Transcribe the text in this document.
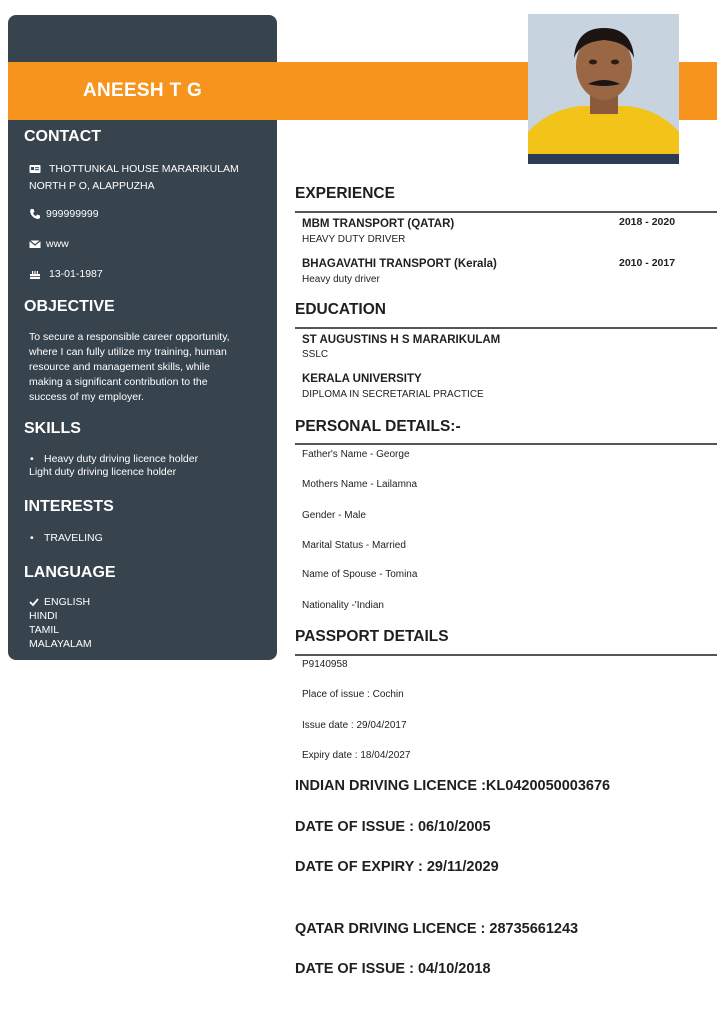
ANEESH T G
CONTACT
THOTTUNKAL HOUSE MARARIKULAM
NORTH P O, ALAPPUZHA
999999999
www
13-01-1987
OBJECTIVE
To secure a responsible career opportunity,
where I can fully utilize my training, human
resource and management skills, while
making a significant contribution to the
success of my employer.
SKILLS
• Heavy duty driving licence holder
Light duty driving licence holder
INTERESTS
• TRAVELING
LANGUAGE
ENGLISH
HINDI
TAMIL
MALAYALAM
EXPERIENCE
MBM TRANSPORT (QATAR)
HEAVY DUTY DRIVER
2018 - 2020
BHAGAVATHI TRANSPORT (Kerala)
Heavy duty driver
2010 - 2017
EDUCATION
ST AUGUSTINS H S MARARIKULAM
SSLC
KERALA UNIVERSITY
DIPLOMA IN SECRETARIAL PRACTICE
PERSONAL DETAILS:-
Father's Name - George
Mothers Name - Lailamna
Gender - Male
Marital Status - Married
Name of Spouse - Tomina
Nationality -'Indian
PASSPORT DETAILS
P9140958
Place of issue : Cochin
Issue date : 29/04/2017
Expiry date : 18/04/2027
INDIAN DRIVING LICENCE :KL0420050003676
DATE OF ISSUE : 06/10/2005
DATE OF EXPIRY : 29/11/2029
QATAR DRIVING LICENCE : 28735661243
DATE OF ISSUE : 04/10/2018
